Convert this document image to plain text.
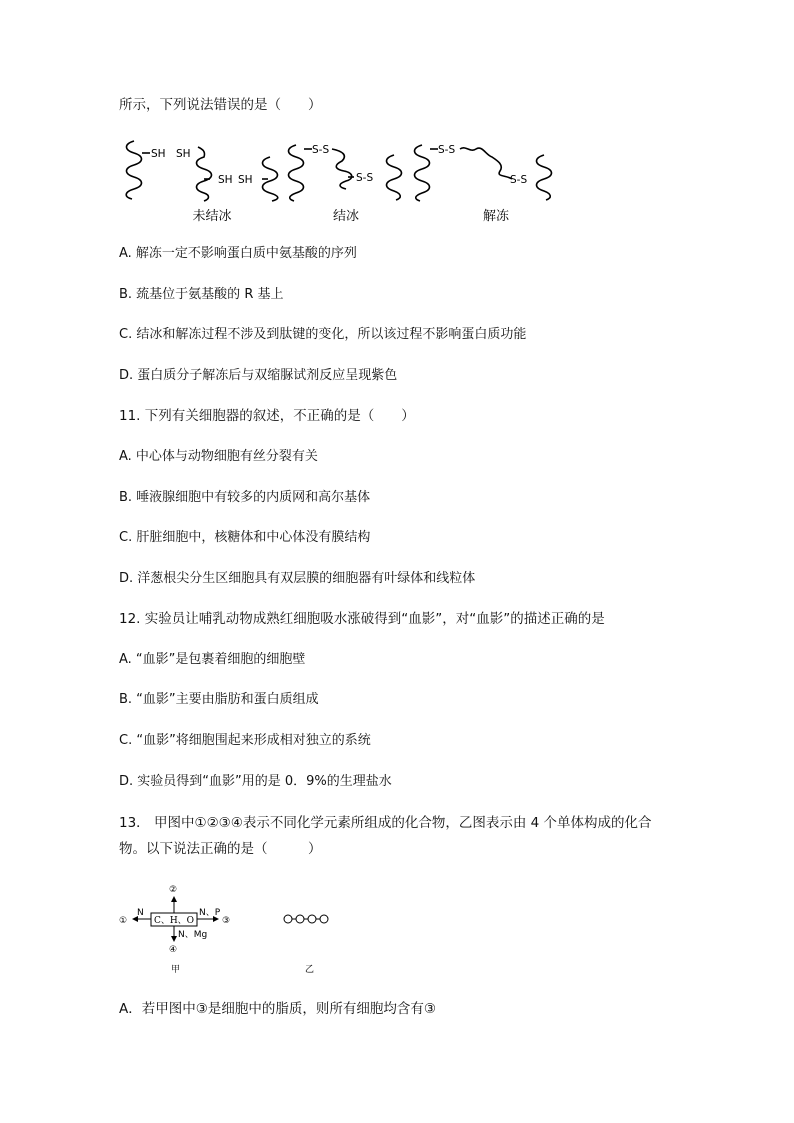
所示，下列说法错误的是（　　）
SH SH
SH SH
S-S
S-S
S-S
S-S
未结冰	结冰	解冻
A. 解冻一定不影响蛋白质中氨基酸的序列
B. 巯基位于氨基酸的 R 基上
C. 结冰和解冻过程不涉及到肽键的变化，所以该过程不影响蛋白质功能
D. 蛋白质分子解冻后与双缩脲试剂反应呈现紫色
11. 下列有关细胞器的叙述，不正确的是（　　）
A. 中心体与动物细胞有丝分裂有关
B. 唾液腺细胞中有较多的内质网和高尔基体
C. 肝脏细胞中，核糖体和中心体没有膜结构
D. 洋葱根尖分生区细胞具有双层膜的细胞器有叶绿体和线粒体
12. 实验员让哺乳动物成熟红细胞吸水涨破得到“血影”，对“血影”的描述正确的是
A. “血影”是包裹着细胞的细胞壁
B. “血影”主要由脂肪和蛋白质组成
C. “血影”将细胞围起来形成相对独立的系统
D. 实验员得到“血影”用的是 0．9%的生理盐水
13． 甲图中①②③④表示不同化学元素所组成的化合物，乙图表示由 4 个单体构成的化合
物。以下说法正确的是（　　　）
C、H、O
①
②
③
④
N	N、P
N、Mg
甲	乙
A．若甲图中③是细胞中的脂质，则所有细胞均含有③
